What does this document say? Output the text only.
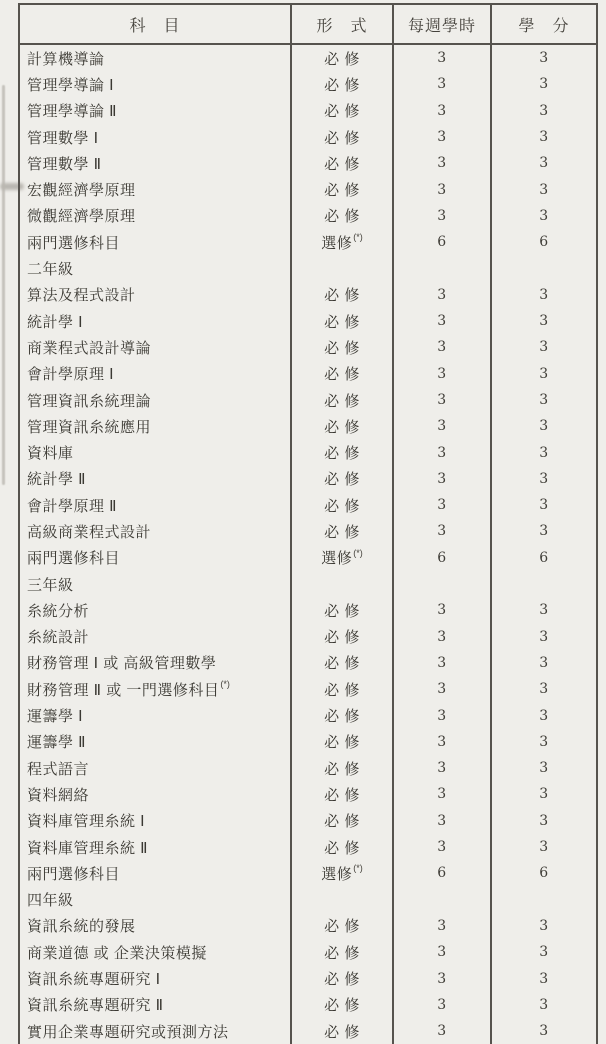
科　目	形　式	每週學時	學　分
計算機導論	必 修	3	3
管理學導論 Ⅰ	必 修	3	3
管理學導論 Ⅱ	必 修	3	3
管理數學 Ⅰ	必 修	3	3
管理數學 Ⅱ	必 修	3	3
宏觀經濟學原理	必 修	3	3
微觀經濟學原理	必 修	3	3
兩門選修科目	選修(*)	6	6
二年級
算法及程式設計	必 修	3	3
統計學 Ⅰ	必 修	3	3
商業程式設計導論	必 修	3	3
會計學原理 Ⅰ	必 修	3	3
管理資訊糸統理論	必 修	3	3
管理資訊糸統應用	必 修	3	3
資料庫	必 修	3	3
統計學 Ⅱ	必 修	3	3
會計學原理 Ⅱ	必 修	3	3
高級商業程式設計	必 修	3	3
兩門選修科目	選修(*)	6	6
三年級
糸統分析	必 修	3	3
糸統設計	必 修	3	3
財務管理 Ⅰ 或 高級管理數學	必 修	3	3
財務管理 Ⅱ 或 一門選修科目(*)	必 修	3	3
運籌學 Ⅰ	必 修	3	3
運籌學 Ⅱ	必 修	3	3
程式語言	必 修	3	3
資料網絡	必 修	3	3
資料庫管理糸統 Ⅰ	必 修	3	3
資料庫管理糸統 Ⅱ	必 修	3	3
兩門選修科目	選修(*)	6	6
四年級
資訊糸統的發展	必 修	3	3
商業道德 或 企業決策模擬	必 修	3	3
資訊糸統專題研究 Ⅰ	必 修	3	3
資訊糸統專題研究 Ⅱ	必 修	3	3
實用企業專題研究或預測方法	必 修	3	3
